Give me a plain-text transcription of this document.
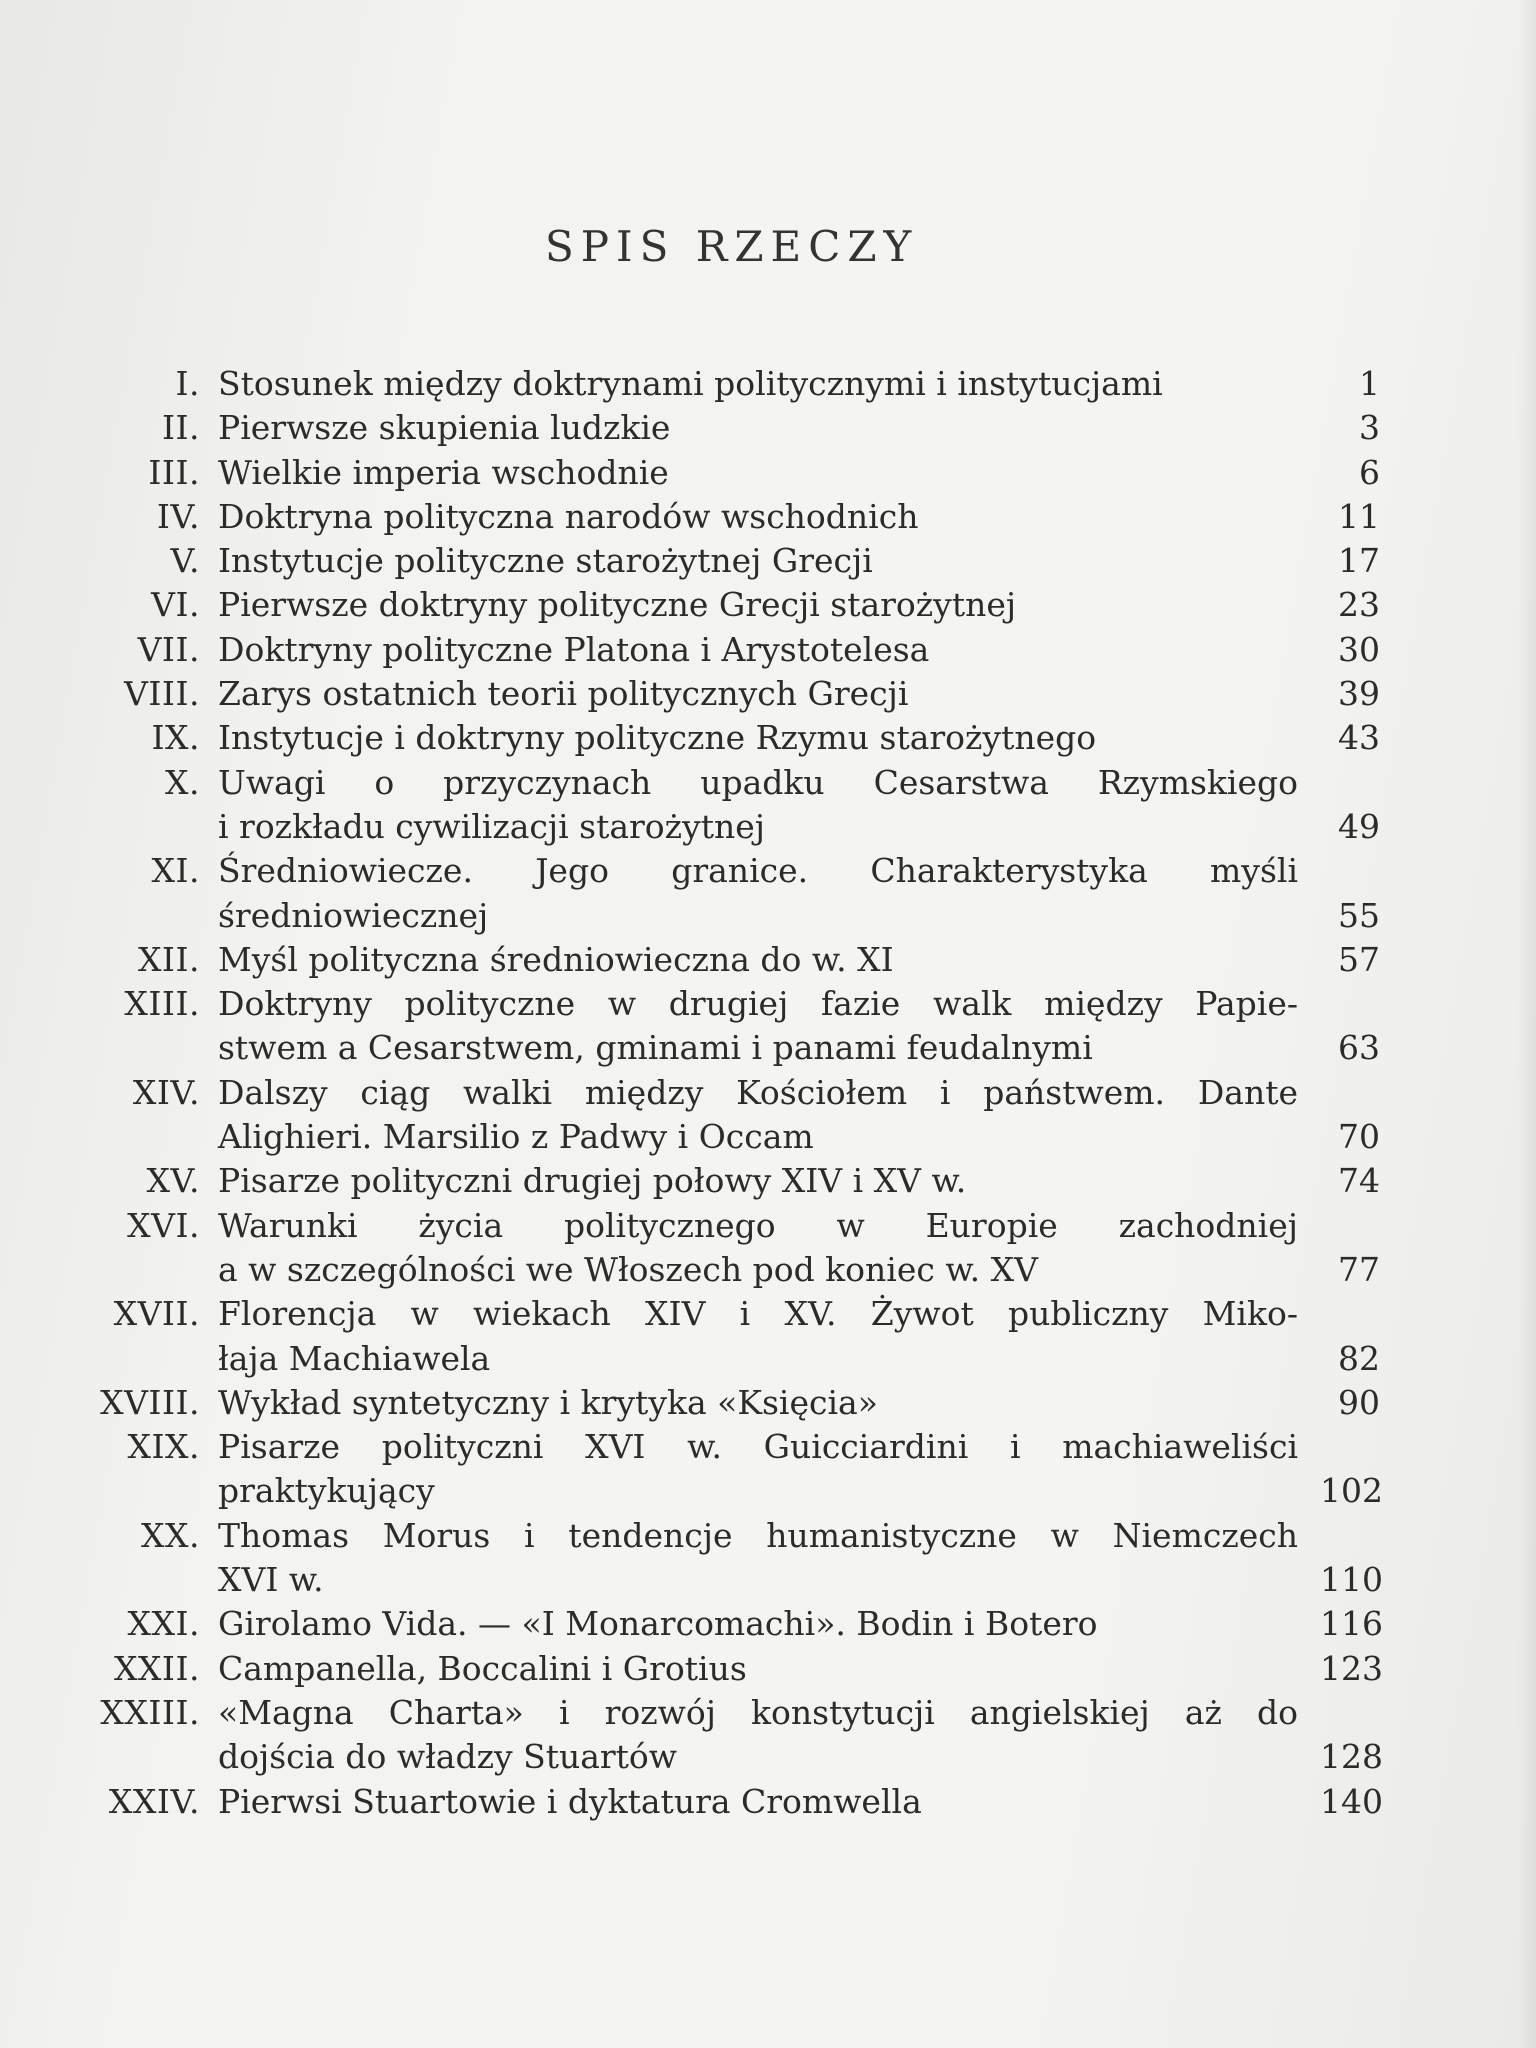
SPIS RZECZY
I. Stosunek między doktrynami politycznymi i instytucjami	1
II. Pierwsze skupienia ludzkie	3
III. Wielkie imperia wschodnie	6
IV. Doktryna polityczna narodów wschodnich	11
V. Instytucje polityczne starożytnej Grecji	17
VI. Pierwsze doktryny polityczne Grecji starożytnej	23
VII. Doktryny polityczne Platona i Arystotelesa	30
VIII. Zarys ostatnich teorii politycznych Grecji	39
IX. Instytucje i doktryny polityczne Rzymu starożytnego	43
X. Uwagi o przyczynach upadku Cesarstwa Rzymskiego
i rozkładu cywilizacji starożytnej	49
XI. Średniowiecze. Jego granice. Charakterystyka myśli
średniowiecznej	55
XII. Myśl polityczna średniowieczna do w. XI	57
XIII. Doktryny polityczne w drugiej fazie walk między Papie-
stwem a Cesarstwem, gminami i panami feudalnymi	63
XIV. Dalszy ciąg walki między Kościołem i państwem. Dante
Alighieri. Marsilio z Padwy i Occam	70
XV. Pisarze polityczni drugiej połowy XIV i XV w.	74
XVI. Warunki życia politycznego w Europie zachodniej
a w szczególności we Włoszech pod koniec w. XV	77
XVII. Florencja w wiekach XIV i XV. Żywot publiczny Miko-
łaja Machiawela	82
XVIII. Wykład syntetyczny i krytyka «Księcia»	90
XIX. Pisarze polityczni XVI w. Guicciardini i machiaweliści
praktykujący	102
XX. Thomas Morus i tendencje humanistyczne w Niemczech
XVI w.	110
XXI. Girolamo Vida. — «I Monarcomachi». Bodin i Botero	116
XXII. Campanella, Boccalini i Grotius	123
XXIII. «Magna Charta» i rozwój konstytucji angielskiej aż do
dojścia do władzy Stuartów	128
XXIV. Pierwsi Stuartowie i dyktatura Cromwella	140
